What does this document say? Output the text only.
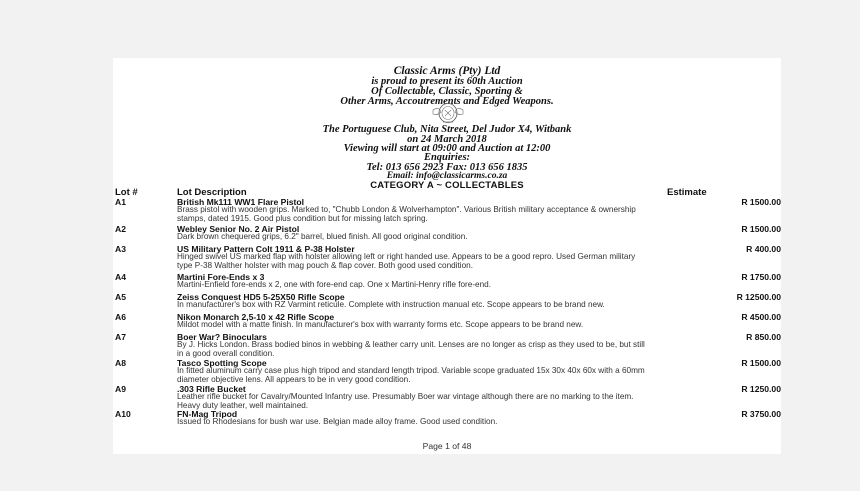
Classic Arms (Pty) Ltd
is proud to present its 60th Auction
Of Collectable, Classic, Sporting &
Other Arms, Accoutrements and Edged Weapons.
The Portuguese Club, Nita Street, Del Judor X4, Witbank
on 24 March 2018
Viewing will start at 09:00 and Auction at 12:00
Enquiries:
Tel: 013 656 2923 Fax: 013 656 1835
Email: info@classicarms.co.za
CATEGORY A ~ COLLECTABLES
Lot #	Lot Description	Estimate
A1	British Mk111 WW1 Flare Pistol	R 1500.00
Brass pistol with wooden grips. Marked to, "Chubb London & Wolverhampton". Various British military acceptance & ownership stamps, dated 1915. Good plus condition but for missing latch spring.
A2	Webley Senior No. 2 Air Pistol	R 1500.00
Dark brown chequered grips, 6.2" barrel, blued finish. All good original condition.
A3	US Military Pattern Colt 1911 & P-38 Holster	R 400.00
Hinged swivel US marked flap with holster allowing left or right handed use. Appears to be a good repro. Used German military type P-38 Walther holster with mag pouch & flap cover. Both good used condition.
A4	Martini Fore-Ends x 3	R 1750.00
Martini-Enfield fore-ends x 2, one with fore-end cap. One x Martini-Henry rifle fore-end.
A5	Zeiss Conquest HD5 5-25X50 Rifle Scope	R 12500.00
In manufacturer's box with RZ Varmint reticule. Complete with instruction manual etc. Scope appears to be brand new.
A6	Nikon Monarch 2,5-10 x 42 Rifle Scope	R 4500.00
Mildot model with a matte finish. In manufacturer's box with warranty forms etc. Scope appears to be brand new.
A7	Boer War? Binoculars	R 850.00
By J. Hicks London. Brass bodied binos in webbing & leather carry unit. Lenses are no longer as crisp as they used to be, but still in a good overall condition.
A8	Tasco Spotting Scope	R 1500.00
In fitted aluminum carry case plus high tripod and standard length tripod. Variable scope graduated 15x 30x 40x 60x with a 60mm diameter objective lens. All appears to be in very good condition.
A9	.303 Rifle Bucket	R 1250.00
Leather rifle bucket for Cavalry/Mounted Infantry use. Presumably Boer war vintage although there are no marking to the item. Heavy duty leather, well maintained.
A10	FN-Mag Tripod	R 3750.00
Issued to Rhodesians for bush war use. Belgian made alloy frame. Good used condition.
Page 1 of 48
